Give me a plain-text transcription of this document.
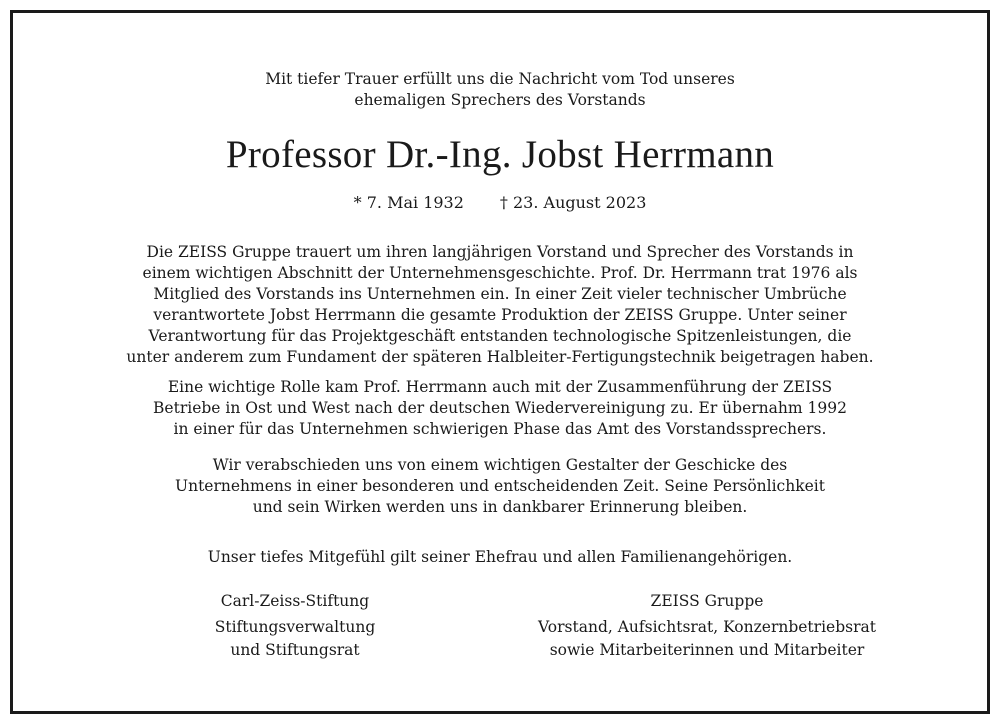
Mit tiefer Trauer erfüllt uns die Nachricht vom Tod unseres
ehemaligen Sprechers des Vorstands
Professor Dr.-Ing. Jobst Herrmann
* 7. Mai 1932 † 23. August 2023
Die ZEISS Gruppe trauert um ihren langjährigen Vorstand und Sprecher des Vorstands in
einem wichtigen Abschnitt der Unternehmensgeschichte. Prof. Dr. Herrmann trat 1976 als
Mitglied des Vorstands ins Unternehmen ein. In einer Zeit vieler technischer Umbrüche
verantwortete Jobst Herrmann die gesamte Produktion der ZEISS Gruppe. Unter seiner
Verantwortung für das Projektgeschäft entstanden technologische Spitzenleistungen, die
unter anderem zum Fundament der späteren Halbleiter-Fertigungstechnik beigetragen haben.
Eine wichtige Rolle kam Prof. Herrmann auch mit der Zusammenführung der ZEISS
Betriebe in Ost und West nach der deutschen Wiedervereinigung zu. Er übernahm 1992
in einer für das Unternehmen schwierigen Phase das Amt des Vorstandssprechers.
Wir verabschieden uns von einem wichtigen Gestalter der Geschicke des
Unternehmens in einer besonderen und entscheidenden Zeit. Seine Persönlichkeit
und sein Wirken werden uns in dankbarer Erinnerung bleiben.
Unser tiefes Mitgefühl gilt seiner Ehefrau und allen Familienangehörigen.
Carl-Zeiss-Stiftung
Stiftungsverwaltung
und Stiftungsrat
ZEISS Gruppe
Vorstand, Aufsichtsrat, Konzernbetriebsrat
sowie Mitarbeiterinnen und Mitarbeiter
